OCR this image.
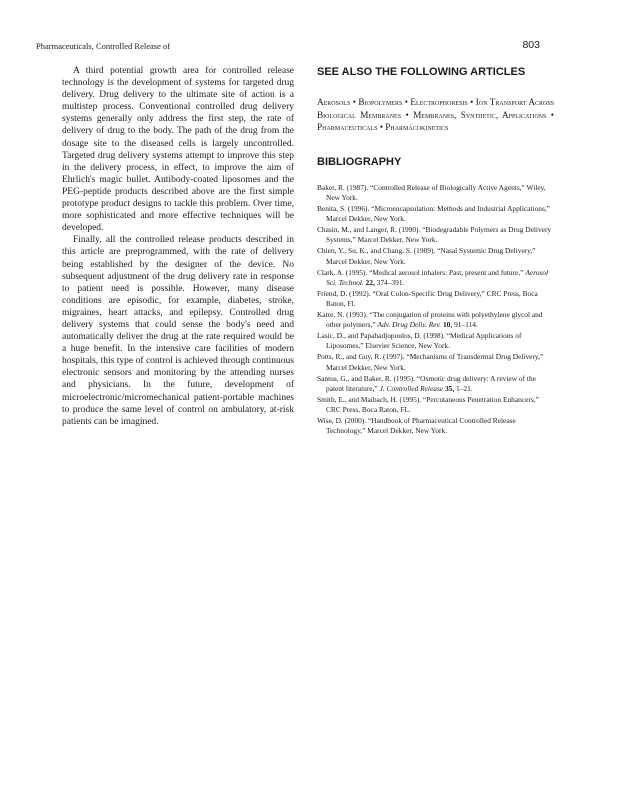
Pharmaceuticals, Controlled Release of	803

A third potential growth area for controlled release technology is the development of systems for targeted drug delivery. Drug delivery to the ultimate site of action is a multistep process. Conventional controlled drug delivery systems generally only address the first step, the rate of delivery of drug to the body. The path of the drug from the dosage site to the diseased cells is largely uncontrolled. Targeted drug delivery systems attempt to improve this step in the delivery process, in effect, to improve the aim of Ehrlich's magic bullet. Antibody-coated liposomes and the PEG-peptide products described above are the first simple prototype product designs to tackle this problem. Over time, more sophisticated and more effective techniques will be developed.

Finally, all the controlled release products described in this article are preprogrammed, with the rate of delivery being established by the designer of the device. No subsequent adjustment of the drug delivery rate in response to patient need is possible. However, many disease conditions are episodic, for example, diabetes, stroke, migraines, heart attacks, and epilepsy. Controlled drug delivery systems that could sense the body's need and automatically deliver the drug at the rate required would be a huge benefit. In the intensive care facilities of modern hospitals, this type of control is achieved through continuous electronic sensors and monitoring by the attending nurses and physicians. In the future, development of microelectronic/micromechanical patient-portable machines to produce the same level of control on ambulatory, at-risk patients can be imagined.

SEE ALSO THE FOLLOWING ARTICLES

Aerosols • Biopolymers • Electrophoresis • Ion Transport Across Biological Membranes • Membranes, Synthetic, Applications • Pharmaceuticals • Pharmacokinetics

BIBLIOGRAPHY
Baker, R. (1987). “Controlled Release of Biologically Active Agents,” Wiley, New York.
Benita, S. (1996). “Microencapsulation: Methods and Industrial Applications,” Marcel Dekker, New York.
Chasin, M., and Langer, R. (1990). “Biodegradable Polymers as Drug Delivery Systems,” Marcel Dekker, New York.
Chien, Y., Su, K., and Chang, S. (1989). “Nasal Systemic Drug Delivery,” Marcel Dekker, New York.
Clark, A. (1995). “Medical aerosol inhalers: Past, present and future,” Aerosol Sci. Technol. 22, 374–391.
Friend, D. (1992). “Oral Colon-Specific Drug Delivery,” CRC Press, Boca Raton, Fl.
Katre, N. (1993). “The conjugation of proteins with polyethylene glycol and other polymers,” Adv. Drug Deliv. Rev. 10, 91–114.
Lasic, D., and Papahadjopoulos, D. (1998). “Medical Applications of Liposomes,” Elsevier Science, New York.
Potts, R., and Guy, R. (1997). “Mechanisms of Transdermal Drug Delivery,” Marcel Dekker, New York.
Santus, G., and Baker, R. (1995). “Osmotic drug delivery: A review of the patent literature,” J. Controlled Release 35, 1–21.
Smith, E., and Maibach, H. (1995). “Percutaneous Penetration Enhancers,” CRC Press, Boca Raton, FL.
Wise, D. (2000). “Handbook of Pharmaceutical Controlled Release Technology,” Marcel Dekker, New York.
